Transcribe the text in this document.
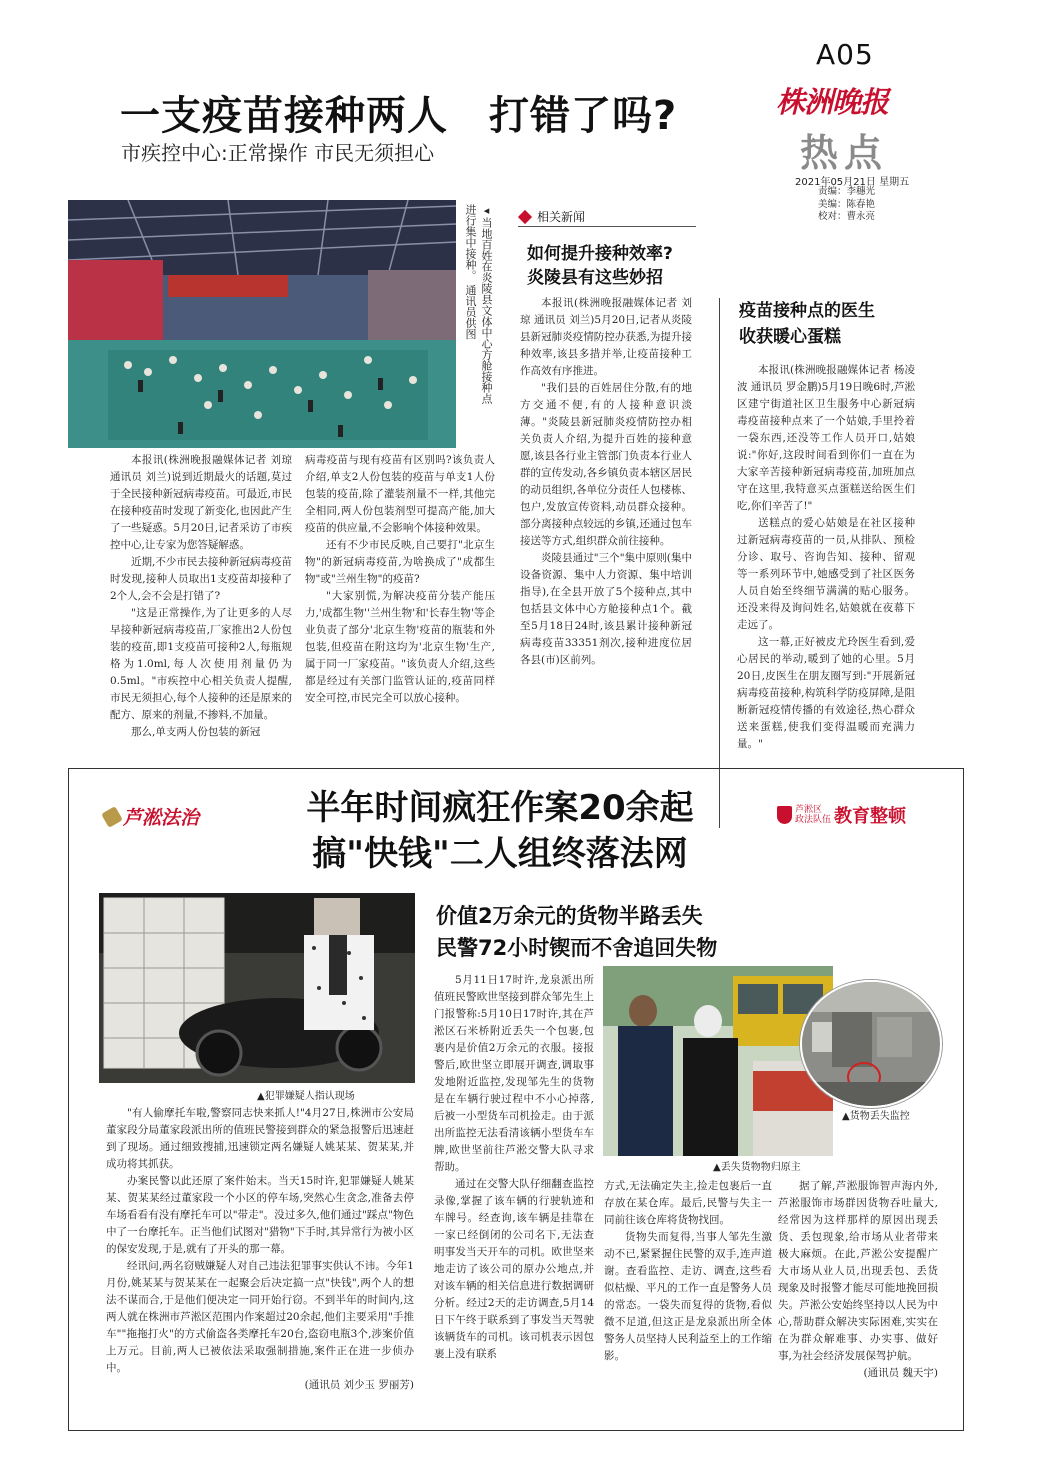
A05
株洲晚报
热点
2021年05月21日 星期五
责编：李穗光
美编：陈春艳
校对：曹永亮
一支疫苗接种两人　打错了吗?
市疾控中心:正常操作 市民无须担心
◂当地百姓在炎陵县文体中心方舱接种点进行集中接种。 通讯员供图

本报讯(株洲晚报融媒体记者 刘琼 通讯员 刘兰)说到近期最火的话题,莫过于全民接种新冠病毒疫苗。可最近,市民在接种疫苗时发现了新变化,也因此产生了一些疑惑。5月20日,记者采访了市疾控中心,让专家为您答疑解惑。

近期,不少市民去接种新冠病毒疫苗时发现,接种人员取出1支疫苗却接种了2个人,会不会是打错了?

"这是正常操作,为了让更多的人尽早接种新冠病毒疫苗,厂家推出2人份包装的疫苗,即1支疫苗可接种2人,每瓶规格为1.0ml,每人次使用剂量仍为0.5ml。"市疾控中心相关负责人提醒,市民无须担心,每个人接种的还是原来的配方、原来的剂量,不掺料,不加量。

那么,单支两人份包装的新冠

病毒疫苗与现有疫苗有区别吗?该负责人介绍,单支2人份包装的疫苗与单支1人份包装的疫苗,除了灌装剂量不一样,其他完全相同,两人份包装剂型可提高产能,加大疫苗的供应量,不会影响个体接种效果。

还有不少市民反映,自己要打"北京生物"的新冠病毒疫苗,为啥换成了"成都生物"或"兰州生物"的疫苗?

"大家别慌,为解决疫苗分装产能压力,'成都生物''兰州生物'和'长春生物'等企业负责了部分'北京生物'疫苗的瓶装和外包装,但疫苗在附这均为'北京生物'生产,属于同一厂家疫苗。"该负责人介绍,这些都是经过有关部门监管认证的,疫苗同样安全可控,市民完全可以放心接种。

相关新闻
如何提升接种效率?
炎陵县有这些妙招

本报讯(株洲晚报融媒体记者 刘琼 通讯员 刘兰)5月20日,记者从炎陵县新冠肺炎疫情防控办获悉,为提升接种效率,该县多措并举,让疫苗接种工作高效有序推进。

"我们县的百姓居住分散,有的地方交通不便,有的人接种意识淡薄。"炎陵县新冠肺炎疫情防控办相关负责人介绍,为提升百姓的接种意愿,该县各行业主管部门负责本行业人群的宣传发动,各乡镇负责本辖区居民的动员组织,各单位分责任人包楼栋、包户,发放宣传资料,动员群众接种。部分离接种点较远的乡镇,还通过包车接送等方式,组织群众前往接种。

炎陵县通过"三个"集中原则(集中设备资源、集中人力资源、集中培训指导),在全县开放了5个接种点,其中包括县文体中心方舱接种点1个。截至5月18日24时,该县累计接种新冠病毒疫苗33351剂次,接种进度位居各县(市)区前列。

疫苗接种点的医生
收获暖心蛋糕

本报讯(株洲晚报融媒体记者 杨凌波 通讯员 罗金鹏)5月19日晚6时,芦淞区建宁街道社区卫生服务中心新冠病毒疫苗接种点来了一个姑娘,手里拎着一袋东西,还没等工作人员开口,姑娘说:"你好,这段时间看到你们一直在为大家辛苦接种新冠病毒疫苗,加班加点守在这里,我特意买点蛋糕送给医生们吃,你们辛苦了!"

送糕点的爱心姑娘是在社区接种过新冠病毒疫苗的一员,从排队、预检分诊、取号、咨询告知、接种、留观等一系列环节中,她感受到了社区医务人员自始至终细节满满的贴心服务。还没来得及询问姓名,姑娘就在夜幕下走远了。

这一幕,正好被皮尤玲医生看到,爱心居民的举动,暖到了她的心里。5月20日,皮医生在朋友圈写到:"开展新冠病毒疫苗接种,构筑科学防疫屏障,是阻断新冠疫情传播的有效途径,热心群众送来蛋糕,使我们变得温暖而充满力量。"

芦淞法治	半年时间疯狂作案20余起
搞"快钱"二人组终落法网
芦淞区
政法队伍 教育整顿
▲犯罪嫌疑人指认现场

"有人偷摩托车啦,警察同志快来抓人!"4月27日,株洲市公安局董家段分局董家段派出所的值班民警接到群众的紧急报警后迅速赶到了现场。通过细致搜捕,迅速锁定两名嫌疑人姚某某、贺某某,并成功将其抓获。

办案民警以此还原了案件始末。当天15时许,犯罪嫌疑人姚某某、贺某某经过董家段一个小区的停车场,突然心生贪念,准备去停车场看看有没有摩托车可以"带走"。没过多久,他们通过"踩点"物色中了一台摩托车。正当他们试图对"猎物"下手时,其异常行为被小区的保安发现,于是,就有了开头的那一幕。

经讯问,两名窃贼嫌疑人对自己违法犯罪事实供认不讳。今年1月份,姚某某与贺某某在一起聚会后决定搞一点"快钱",两个人的想法不谋而合,于是他们便决定一同开始行窃。不到半年的时间内,这两人就在株洲市芦淞区范围内作案超过20余起,他们主要采用"手推车""拖拖打火"的方式偷盗各类摩托车20台,盗窃电瓶3个,涉案价值上万元。目前,两人已被依法采取强制措施,案件正在进一步侦办中。

(通讯员 刘少玉 罗丽芳)

价值2万余元的货物半路丢失
民警72小时锲而不舍追回失物

5月11日17时许,龙泉派出所值班民警欧世坚接到群众邹先生上门报警称:5月10日17时许,其在芦淞区石米桥附近丢失一个包裹,包裹内是价值2万余元的衣服。接报警后,欧世坚立即展开调查,调取事发地附近监控,发现邹先生的货物是在车辆行驶过程中不小心掉落,后被一小型货车司机捡走。由于派出所监控无法看清该辆小型货车车牌,欧世坚前往芦淞交警大队寻求帮助。

通过在交警大队仔细翻查监控录像,掌握了该车辆的行驶轨迹和车牌号。经查询,该车辆是挂靠在一家已经倒闭的公司名下,无法查明事发当天开车的司机。欧世坚来地走访了该公司的原办公地点,并对该车辆的相关信息进行数据调研分析。经过2天的走访调查,5月14日下午终于联系到了事发当天驾驶该辆货车的司机。该司机表示因包裹上没有联系

▲丢失货物物归原主
▲货物丢失监控

方式,无法确定失主,捡走包裹后一直存放在某仓库。最后,民警与失主一同前往该仓库将货物找回。

货物失而复得,当事人邹先生激动不已,紧紧握住民警的双手,连声道谢。查看监控、走访、调查,这些看似枯燥、平凡的工作一直是警务人员的常态。一袋失而复得的货物,看似微不足道,但这正是龙泉派出所全体警务人员坚持人民利益至上的工作缩影。

据了解,芦淞服饰智声海内外,芦淞服饰市场群因货物吞吐量大,经常因为这样那样的原因出现丢货、丢包现象,给市场从业者带来极大麻烦。在此,芦淞公安提醒广大市场从业人员,出现丢包、丢货现象及时报警才能尽可能地挽回损失。芦淞公安始终坚持以人民为中心,帮助群众解决实际困难,实实在在为群众解难事、办实事、做好事,为社会经济发展保驾护航。

(通讯员 魏天宇)
